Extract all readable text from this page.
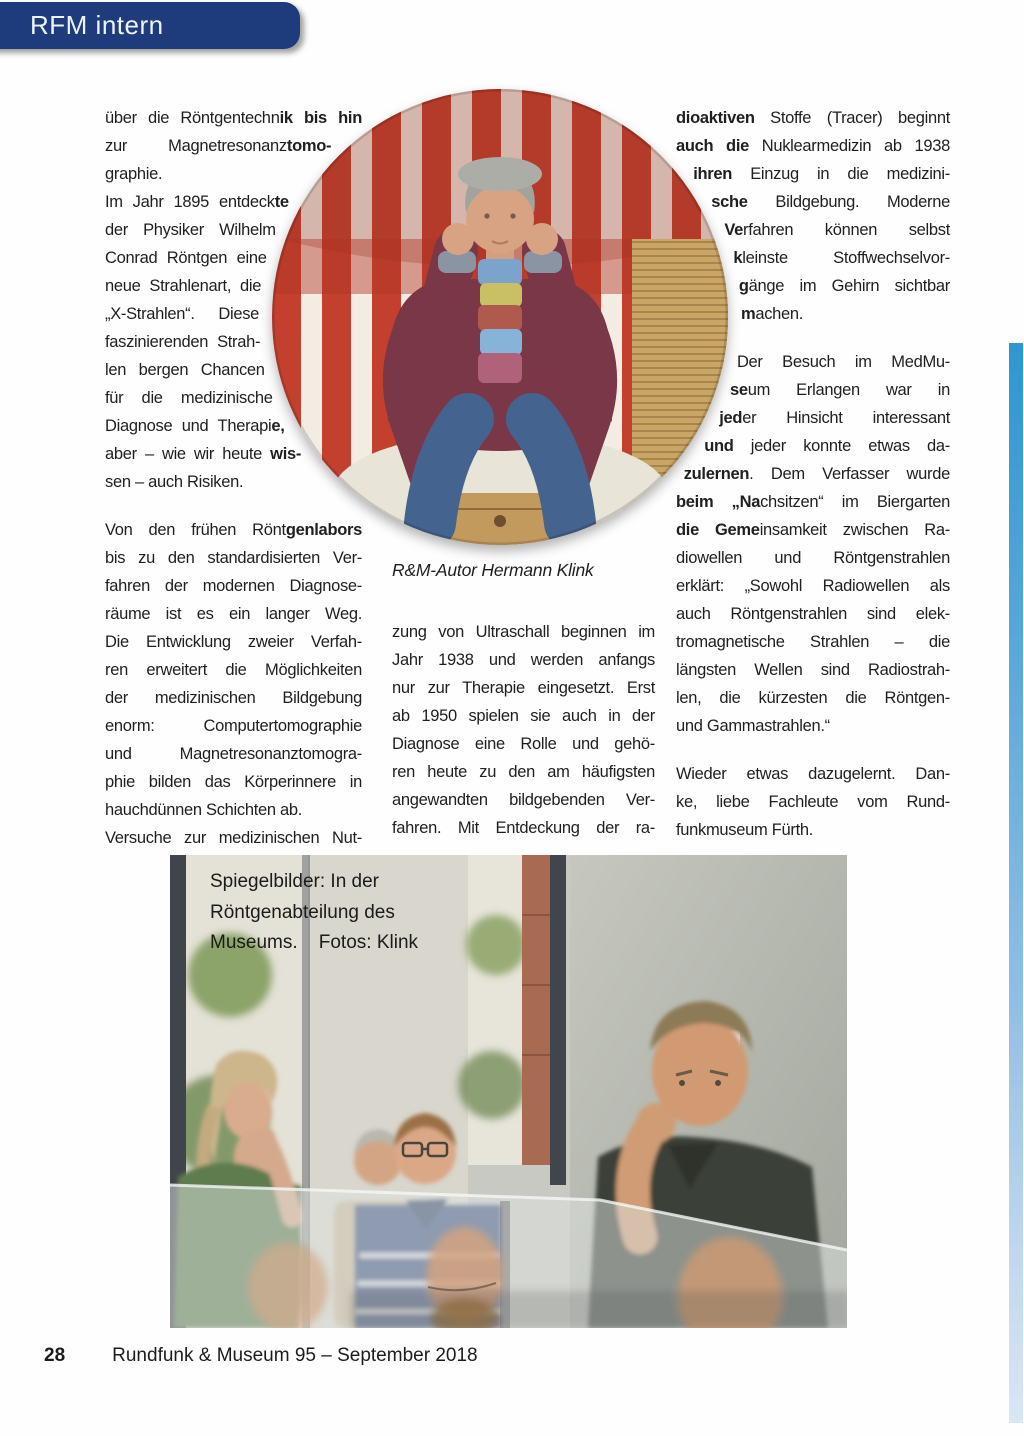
RFM intern
über die Röntgentechnik bis hin
zur Magnetresonanztomo-
graphie.
Im Jahr 1895 entdeckte
der Physiker Wilhelm
Conrad Röntgen eine
neue Strahlenart, die
„X-Strahlen“. Diese
faszinierenden Strah-
len bergen Chancen
für die medizinische
Diagnose und Therapie,
aber – wie wir heute wis-
sen – auch Risiken.
Von den frühen Röntgenlabors
bis zu den standardisierten Ver-
fahren der modernen Diagnose-
räume ist es ein langer Weg.
Die Entwicklung zweier Verfah-
ren erweitert die Möglichkeiten
der medizinischen Bildgebung
enorm: Computertomographie
und Magnetresonanztomogra-
phie bilden das Körperinnere in
hauchdünnen Schichten ab.
Versuche zur medizinischen Nut-
R&M-Autor Hermann Klink
zung von Ultraschall beginnen im
Jahr 1938 und werden anfangs
nur zur Therapie eingesetzt. Erst
ab 1950 spielen sie auch in der
Diagnose eine Rolle und gehö-
ren heute zu den am häufigsten
angewandten bildgebenden Ver-
fahren. Mit Entdeckung der ra-
dioaktiven Stoffe (Tracer) beginnt
auch die Nuklearmedizin ab 1938
ihren Einzug in die medizini-
sche Bildgebung. Moderne
Verfahren können selbst
kleinste Stoffwechselvor-
gänge im Gehirn sichtbar
machen.
Der Besuch im MedMu-
seum Erlangen war in
jeder Hinsicht interessant
und jeder konnte etwas da-
zulernen. Dem Verfasser wurde
beim „Nachsitzen“ im Biergarten
die Gemeinsamkeit zwischen Ra-
diowellen und Röntgenstrahlen
erklärt: „Sowohl Radiowellen als
auch Röntgenstrahlen sind elek-
tromagnetische Strahlen – die
längsten Wellen sind Radiostrah-
len, die kürzesten die Röntgen-
und Gammastrahlen.“
Wieder etwas dazugelernt. Dan-
ke, liebe Fachleute vom Rund-
funkmuseum Fürth.
Spiegelbilder: In der
Röntgenabteilung des
Museums.    Fotos: Klink
28 Rundfunk & Museum 95 – September 2018
